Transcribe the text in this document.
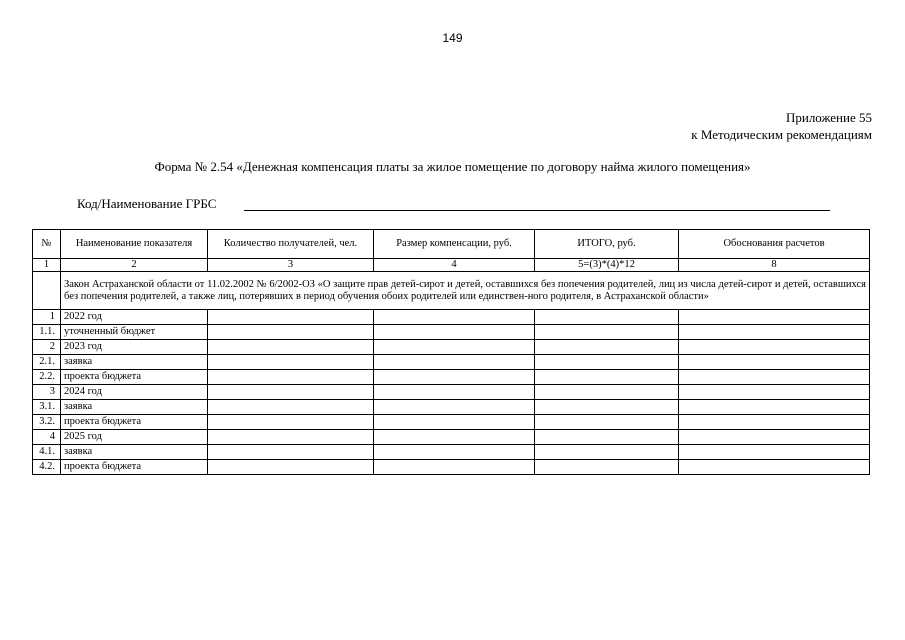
149
Приложение 55
к Методическим рекомендациям
Форма № 2.54 «Денежная компенсация платы за жилое помещение по договору найма жилого помещения»
Код/Наименование ГРБС
№	Наименование показателя	Количество получателей, чел.	Размер компенсации, руб.	ИТОГО, руб.	Обоснования расчетов
1	2	3	4	5=(3)*(4)*12	8
	Закон Астраханской области от 11.02.2002 № 6/2002-ОЗ «О защите прав детей-сирот и детей, оставшихся без попечения родителей, лиц из числа детей-сирот и детей, оставшихся без попечения родителей, а также лиц, потерявших в период обучения обоих родителей или единствен-ного родителя, в Астраханской области»				
1	2022 год				
1.1.	уточненный бюджет				
2	2023 год				
2.1.	заявка				
2.2.	проекта бюджета				
3	2024 год				
3.1.	заявка				
3.2.	проекта бюджета				
4	2025 год				
4.1.	заявка				
4.2.	проекта бюджета				
